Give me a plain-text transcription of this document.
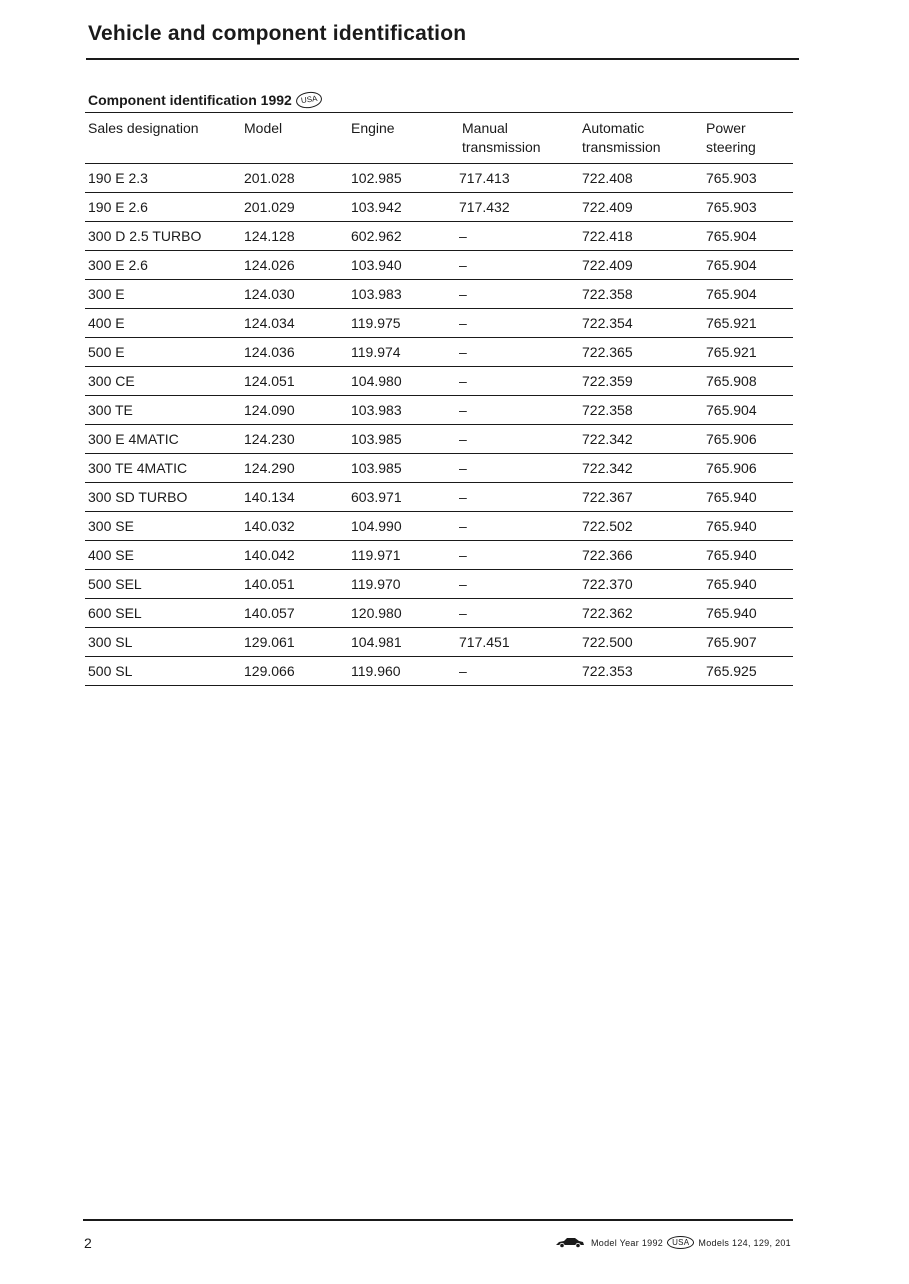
Vehicle and component identification
Component identification 1992	USA
Sales designation	Model	Engine	Manual transmission	Automatic transmission	Power steering
190 E 2.3	201.028	102.985	717.413	722.408	765.903
190 E 2.6	201.029	103.942	717.432	722.409	765.903
300 D 2.5 TURBO	124.128	602.962	–	722.418	765.904
300 E 2.6	124.026	103.940	–	722.409	765.904
300 E	124.030	103.983	–	722.358	765.904
400 E	124.034	119.975	–	722.354	765.921
500 E	124.036	119.974	–	722.365	765.921
300 CE	124.051	104.980	–	722.359	765.908
300 TE	124.090	103.983	–	722.358	765.904
300 E 4MATIC	124.230	103.985	–	722.342	765.906
300 TE 4MATIC	124.290	103.985	–	722.342	765.906
300 SD TURBO	140.134	603.971	–	722.367	765.940
300 SE	140.032	104.990	–	722.502	765.940
400 SE	140.042	119.971	–	722.366	765.940
500 SEL	140.051	119.970	–	722.370	765.940
600 SEL	140.057	120.980	–	722.362	765.940
300 SL	129.061	104.981	717.451	722.500	765.907
500 SL	129.066	119.960	–	722.353	765.925
2	Model Year 1992	USA	Models 124, 129, 201
